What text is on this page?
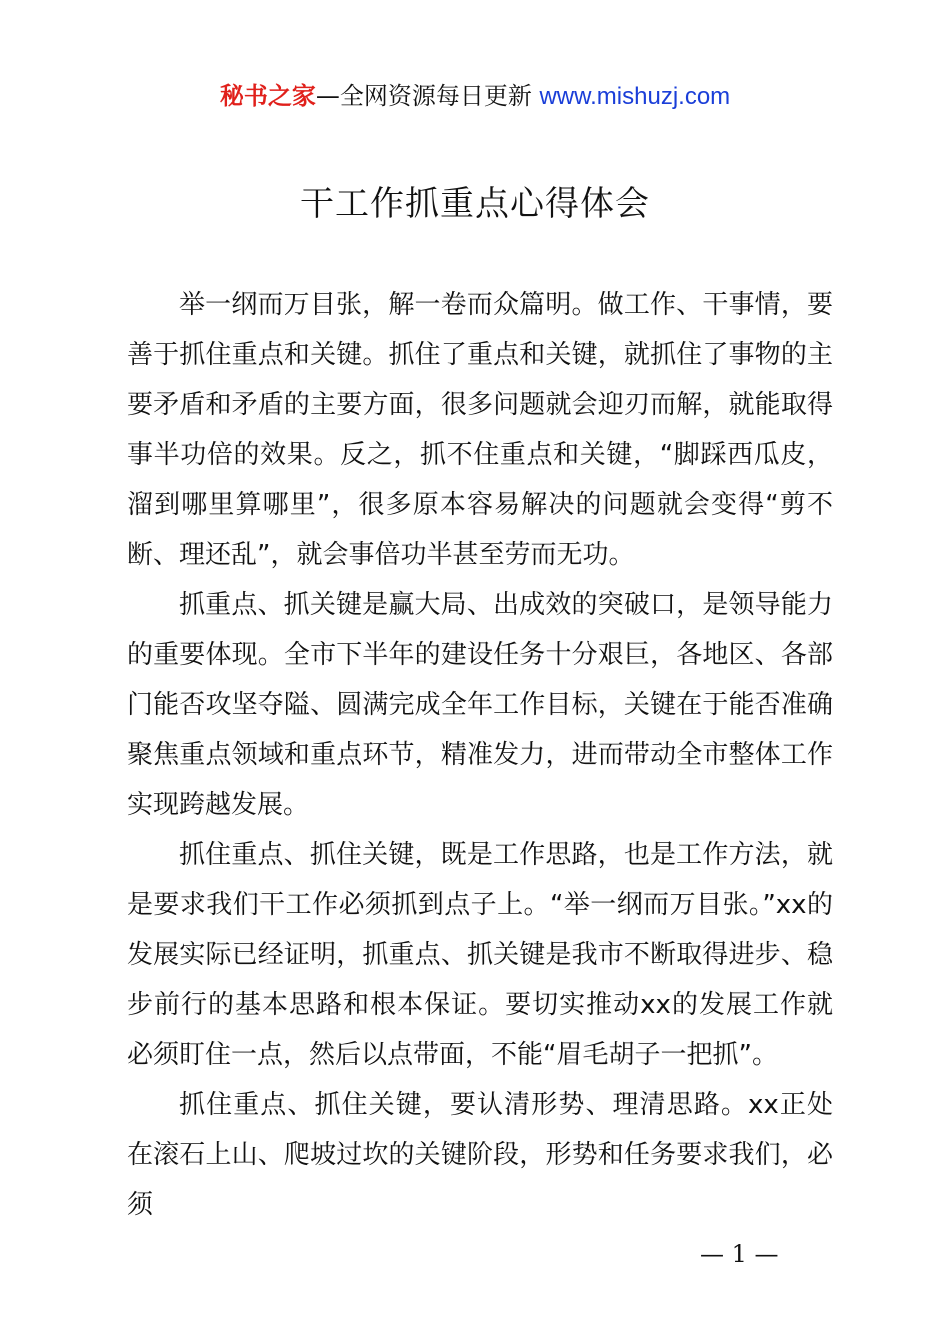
秘书之家—全网资源每日更新 www.mishuzj.com
干工作抓重点心得体会

举一纲而万目张，解一卷而众篇明。做工作、干事情，要善于抓住重点和关键。抓住了重点和关键，就抓住了事物的主要矛盾和矛盾的主要方面，很多问题就会迎刃而解，就能取得事半功倍的效果。反之，抓不住重点和关键，“脚踩西瓜皮，溜到哪里算哪里”，很多原本容易解决的问题就会变得“剪不断、理还乱”，就会事倍功半甚至劳而无功。

抓重点、抓关键是赢大局、出成效的突破口，是领导能力的重要体现。全市下半年的建设任务十分艰巨，各地区、各部门能否攻坚夺隘、圆满完成全年工作目标，关键在于能否准确聚焦重点领域和重点环节，精准发力，进而带动全市整体工作实现跨越发展。

抓住重点、抓住关键，既是工作思路，也是工作方法，就是要求我们干工作必须抓到点子上。“举一纲而万目张。”xx的发展实际已经证明，抓重点、抓关键是我市不断取得进步、稳步前行的基本思路和根本保证。要切实推动xx的发展工作就必须盯住一点，然后以点带面，不能“眉毛胡子一把抓”。

抓住重点、抓住关键，要认清形势、理清思路。xx正处在滚石上山、爬坡过坎的关键阶段，形势和任务要求我们，必须

— 1 —
